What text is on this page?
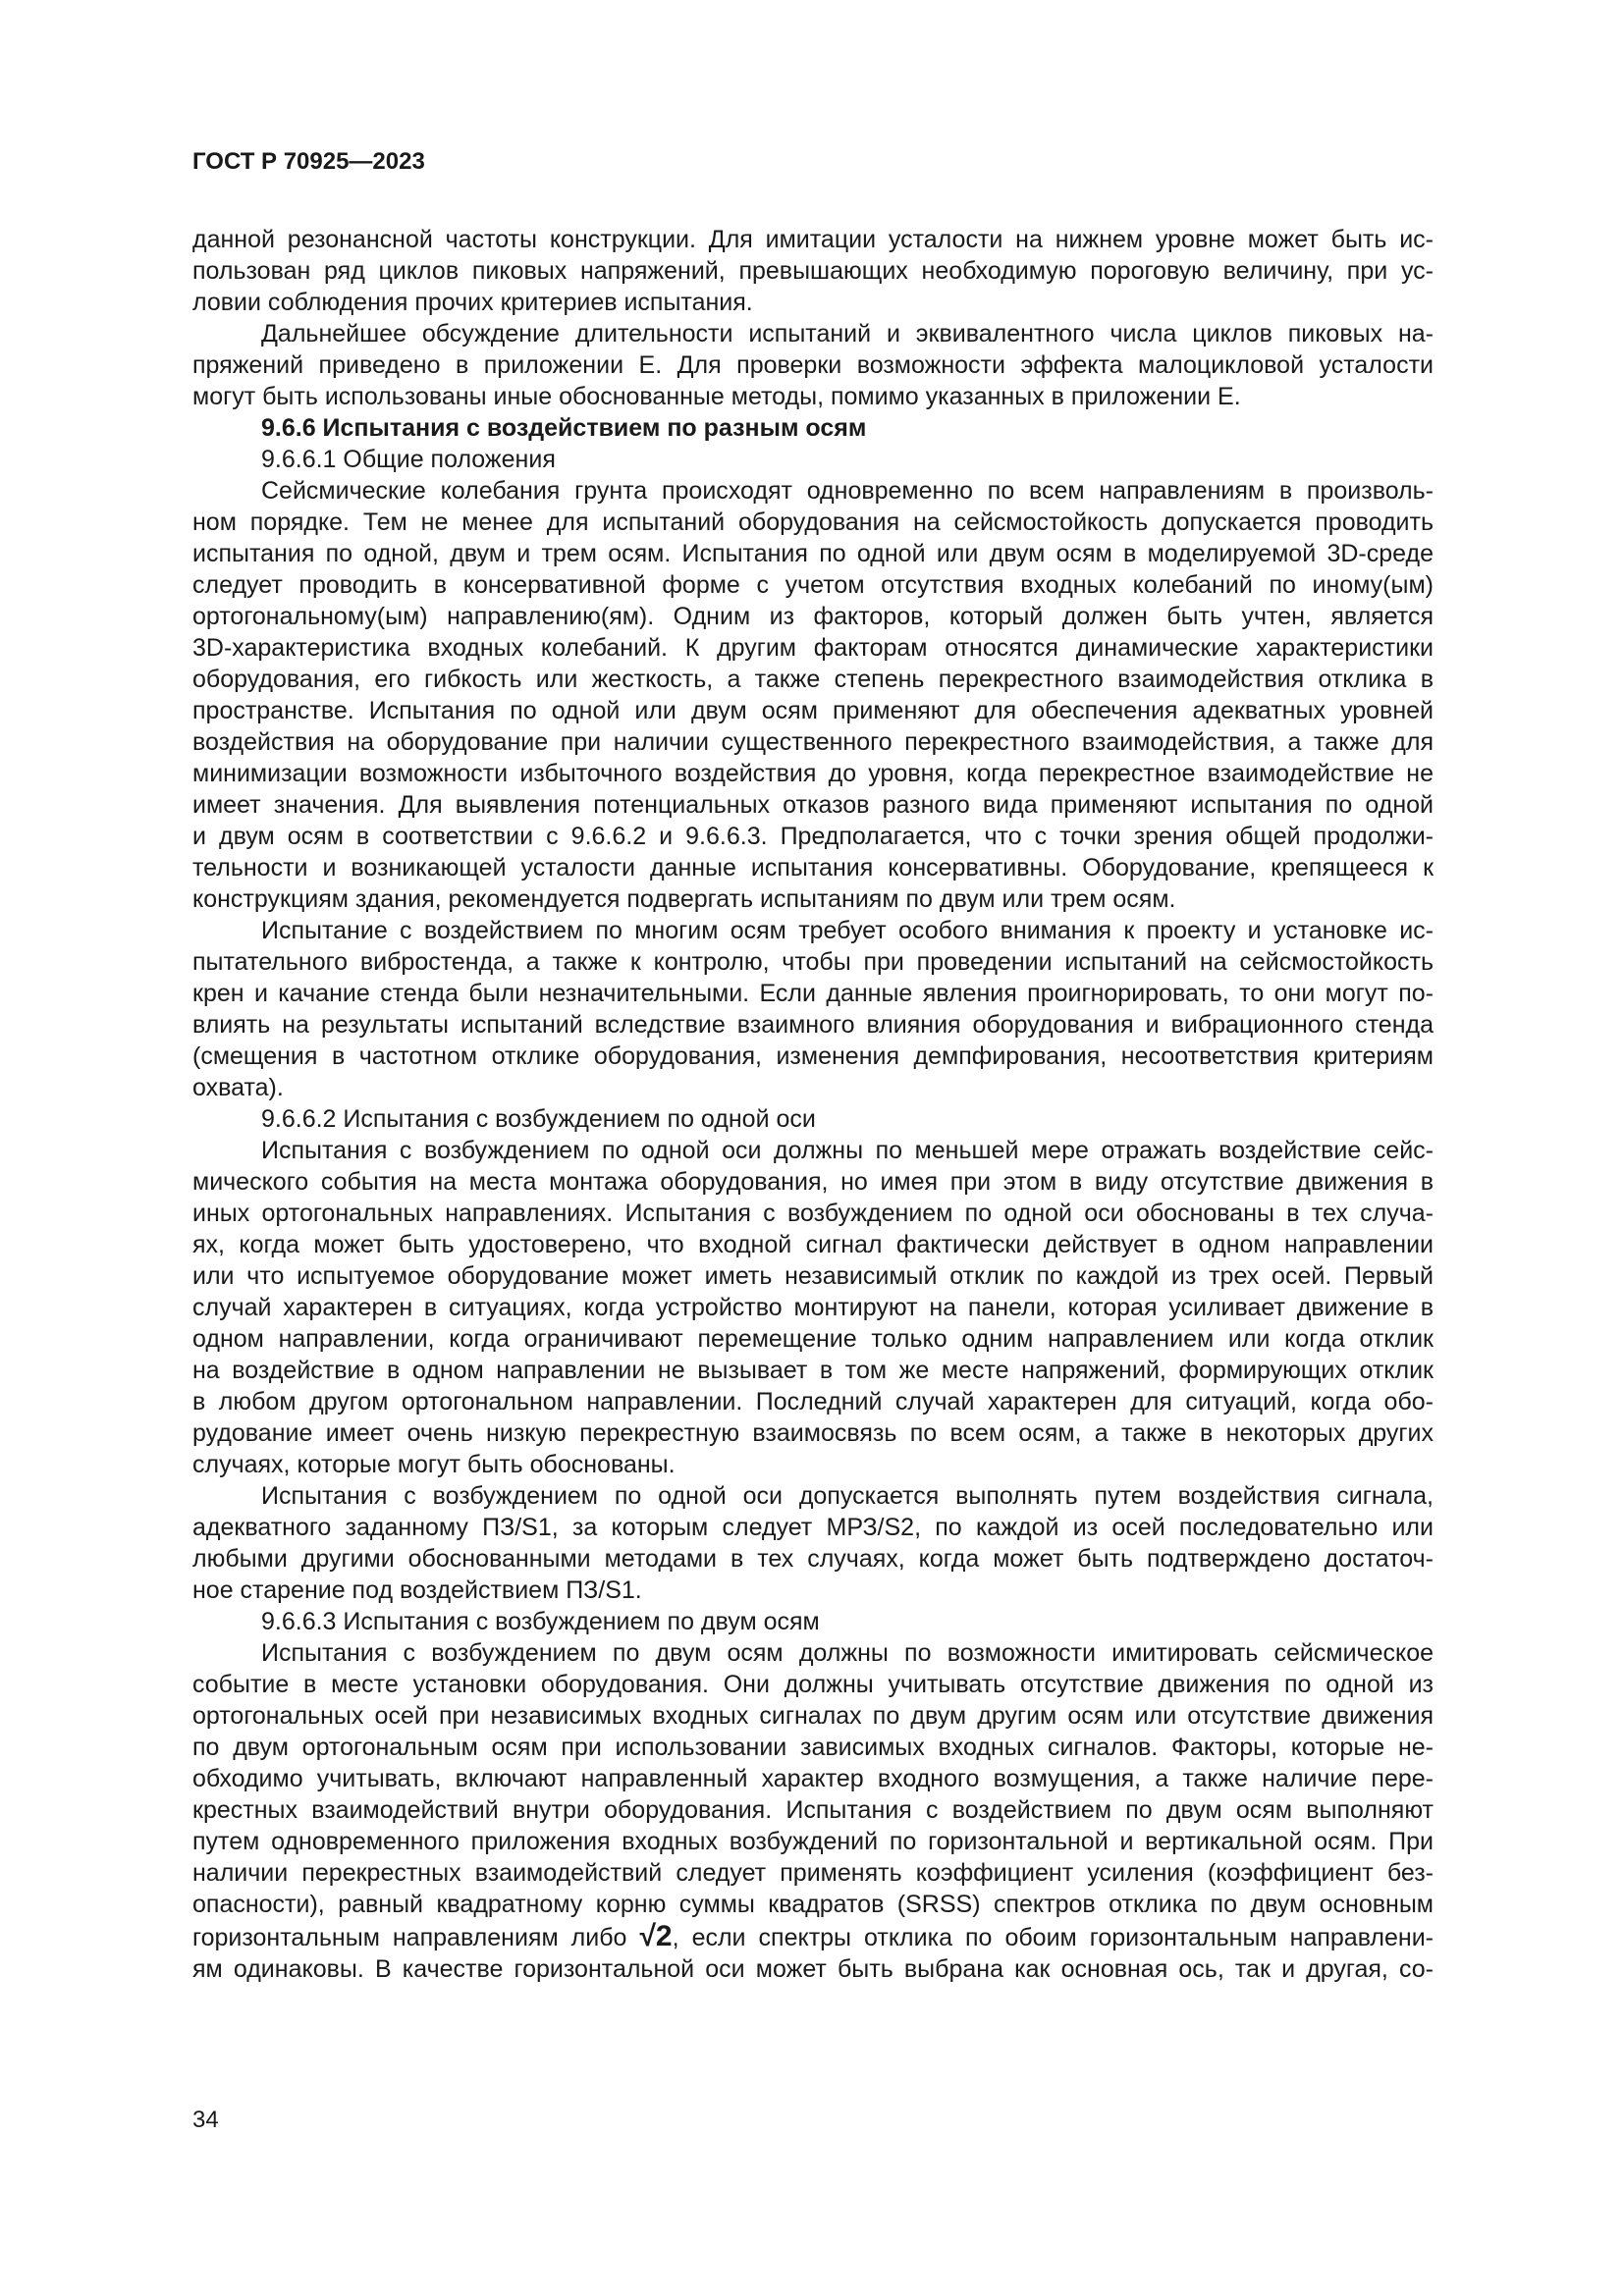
ГОСТ Р 70925—2023
данной резонансной частоты конструкции. Для имитации усталости на нижнем уровне может быть ис-
пользован ряд циклов пиковых напряжений, превышающих необходимую пороговую величину, при ус-
ловии соблюдения прочих критериев испытания.
Дальнейшее обсуждение длительности испытаний и эквивалентного числа циклов пиковых на-
пряжений приведено в приложении Е. Для проверки возможности эффекта малоцикловой усталости
могут быть использованы иные обоснованные методы, помимо указанных в приложении Е.
9.6.6 Испытания с воздействием по разным осям
9.6.6.1 Общие положения
Сейсмические колебания грунта происходят одновременно по всем направлениям в произволь-
ном порядке. Тем не менее для испытаний оборудования на сейсмостойкость допускается проводить
испытания по одной, двум и трем осям. Испытания по одной или двум осям в моделируемой 3D-среде
следует проводить в консервативной форме с учетом отсутствия входных колебаний по иному(ым)
ортогональному(ым) направлению(ям). Одним из факторов, который должен быть учтен, является
3D-характеристика входных колебаний. К другим факторам относятся динамические характеристики
оборудования, его гибкость или жесткость, а также степень перекрестного взаимодействия отклика в
пространстве. Испытания по одной или двум осям применяют для обеспечения адекватных уровней
воздействия на оборудование при наличии существенного перекрестного взаимодействия, а также для
минимизации возможности избыточного воздействия до уровня, когда перекрестное взаимодействие не
имеет значения. Для выявления потенциальных отказов разного вида применяют испытания по одной
и двум осям в соответствии с 9.6.6.2 и 9.6.6.3. Предполагается, что с точки зрения общей продолжи-
тельности и возникающей усталости данные испытания консервативны. Оборудование, крепящееся к
конструкциям здания, рекомендуется подвергать испытаниям по двум или трем осям.
Испытание с воздействием по многим осям требует особого внимания к проекту и установке ис-
пытательного вибростенда, а также к контролю, чтобы при проведении испытаний на сейсмостойкость
крен и качание стенда были незначительными. Если данные явления проигнорировать, то они могут по-
влиять на результаты испытаний вследствие взаимного влияния оборудования и вибрационного стенда
(смещения в частотном отклике оборудования, изменения демпфирования, несоответствия критериям
охвата).
9.6.6.2 Испытания с возбуждением по одной оси
Испытания с возбуждением по одной оси должны по меньшей мере отражать воздействие сейс-
мического события на места монтажа оборудования, но имея при этом в виду отсутствие движения в
иных ортогональных направлениях. Испытания с возбуждением по одной оси обоснованы в тех случа-
ях, когда может быть удостоверено, что входной сигнал фактически действует в одном направлении
или что испытуемое оборудование может иметь независимый отклик по каждой из трех осей. Первый
случай характерен в ситуациях, когда устройство монтируют на панели, которая усиливает движение в
одном направлении, когда ограничивают перемещение только одним направлением или когда отклик
на воздействие в одном направлении не вызывает в том же месте напряжений, формирующих отклик
в любом другом ортогональном направлении. Последний случай характерен для ситуаций, когда обо-
рудование имеет очень низкую перекрестную взаимосвязь по всем осям, а также в некоторых других
случаях, которые могут быть обоснованы.
Испытания с возбуждением по одной оси допускается выполнять путем воздействия сигнала,
адекватного заданному ПЗ/S1, за которым следует МРЗ/S2, по каждой из осей последовательно или
любыми другими обоснованными методами в тех случаях, когда может быть подтверждено достаточ-
ное старение под воздействием ПЗ/S1.
9.6.6.3 Испытания с возбуждением по двум осям
Испытания с возбуждением по двум осям должны по возможности имитировать сейсмическое
событие в месте установки оборудования. Они должны учитывать отсутствие движения по одной из
ортогональных осей при независимых входных сигналах по двум другим осям или отсутствие движения
по двум ортогональным осям при использовании зависимых входных сигналов. Факторы, которые не-
обходимо учитывать, включают направленный характер входного возмущения, а также наличие пере-
крестных взаимодействий внутри оборудования. Испытания с воздействием по двум осям выполняют
путем одновременного приложения входных возбуждений по горизонтальной и вертикальной осям. При
наличии перекрестных взаимодействий следует применять коэффициент усиления (коэффициент без-
опасности), равный квадратному корню суммы квадратов (SRSS) спектров отклика по двум основным
горизонтальным направлениям либо √2, если спектры отклика по обоим горизонтальным направлени-
ям одинаковы. В качестве горизонтальной оси может быть выбрана как основная ось, так и другая, со-
34
